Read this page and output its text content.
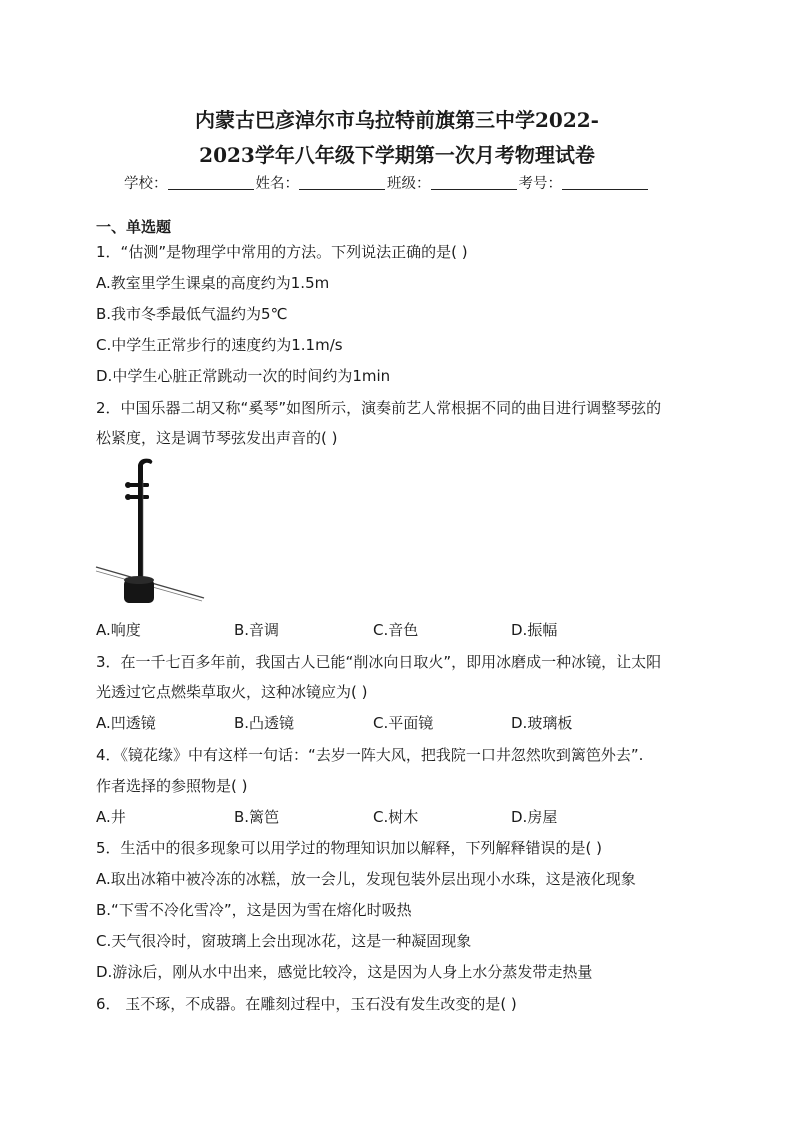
内蒙古巴彦淖尔市乌拉特前旗第三中学2022-
2023学年八年级下学期第一次月考物理试卷
学校：	姓名：	班级：	考号：
一、单选题
1．“估测”是物理学中常用的方法。下列说法正确的是( )
A.教室里学生课桌的高度约为1.5m
B.我市冬季最低气温约为5℃
C.中学生正常步行的速度约为1.1m/s
D.中学生心脏正常跳动一次的时间约为1min
2．中国乐器二胡又称“奚琴”如图所示，演奏前艺人常根据不同的曲目进行调整琴弦的
松紧度，这是调节琴弦发出声音的( )
A.响度	B.音调	C.音色	D.振幅
3．在一千七百多年前，我国古人已能“削冰向日取火”，即用冰磨成一种冰镜，让太阳
光透过它点燃柴草取火，这种冰镜应为( )
A.凹透镜	B.凸透镜	C.平面镜	D.玻璃板
4．《镜花缘》中有这样一句话：“去岁一阵大风，把我院一口井忽然吹到篱笆外去”.
作者选择的参照物是( )
A.井	B.篱笆	C.树木	D.房屋
5．生活中的很多现象可以用学过的物理知识加以解释，下列解释错误的是( )
A.取出冰箱中被冷冻的冰糕，放一会儿，发现包装外层出现小水珠，这是液化现象
B.“下雪不冷化雪冷”，这是因为雪在熔化时吸热
C.天气很冷时，窗玻璃上会出现冰花，这是一种凝固现象
D.游泳后，刚从水中出来，感觉比较冷，这是因为人身上水分蒸发带走热量
6． 玉不琢，不成器。在雕刻过程中，玉石没有发生改变的是( )
